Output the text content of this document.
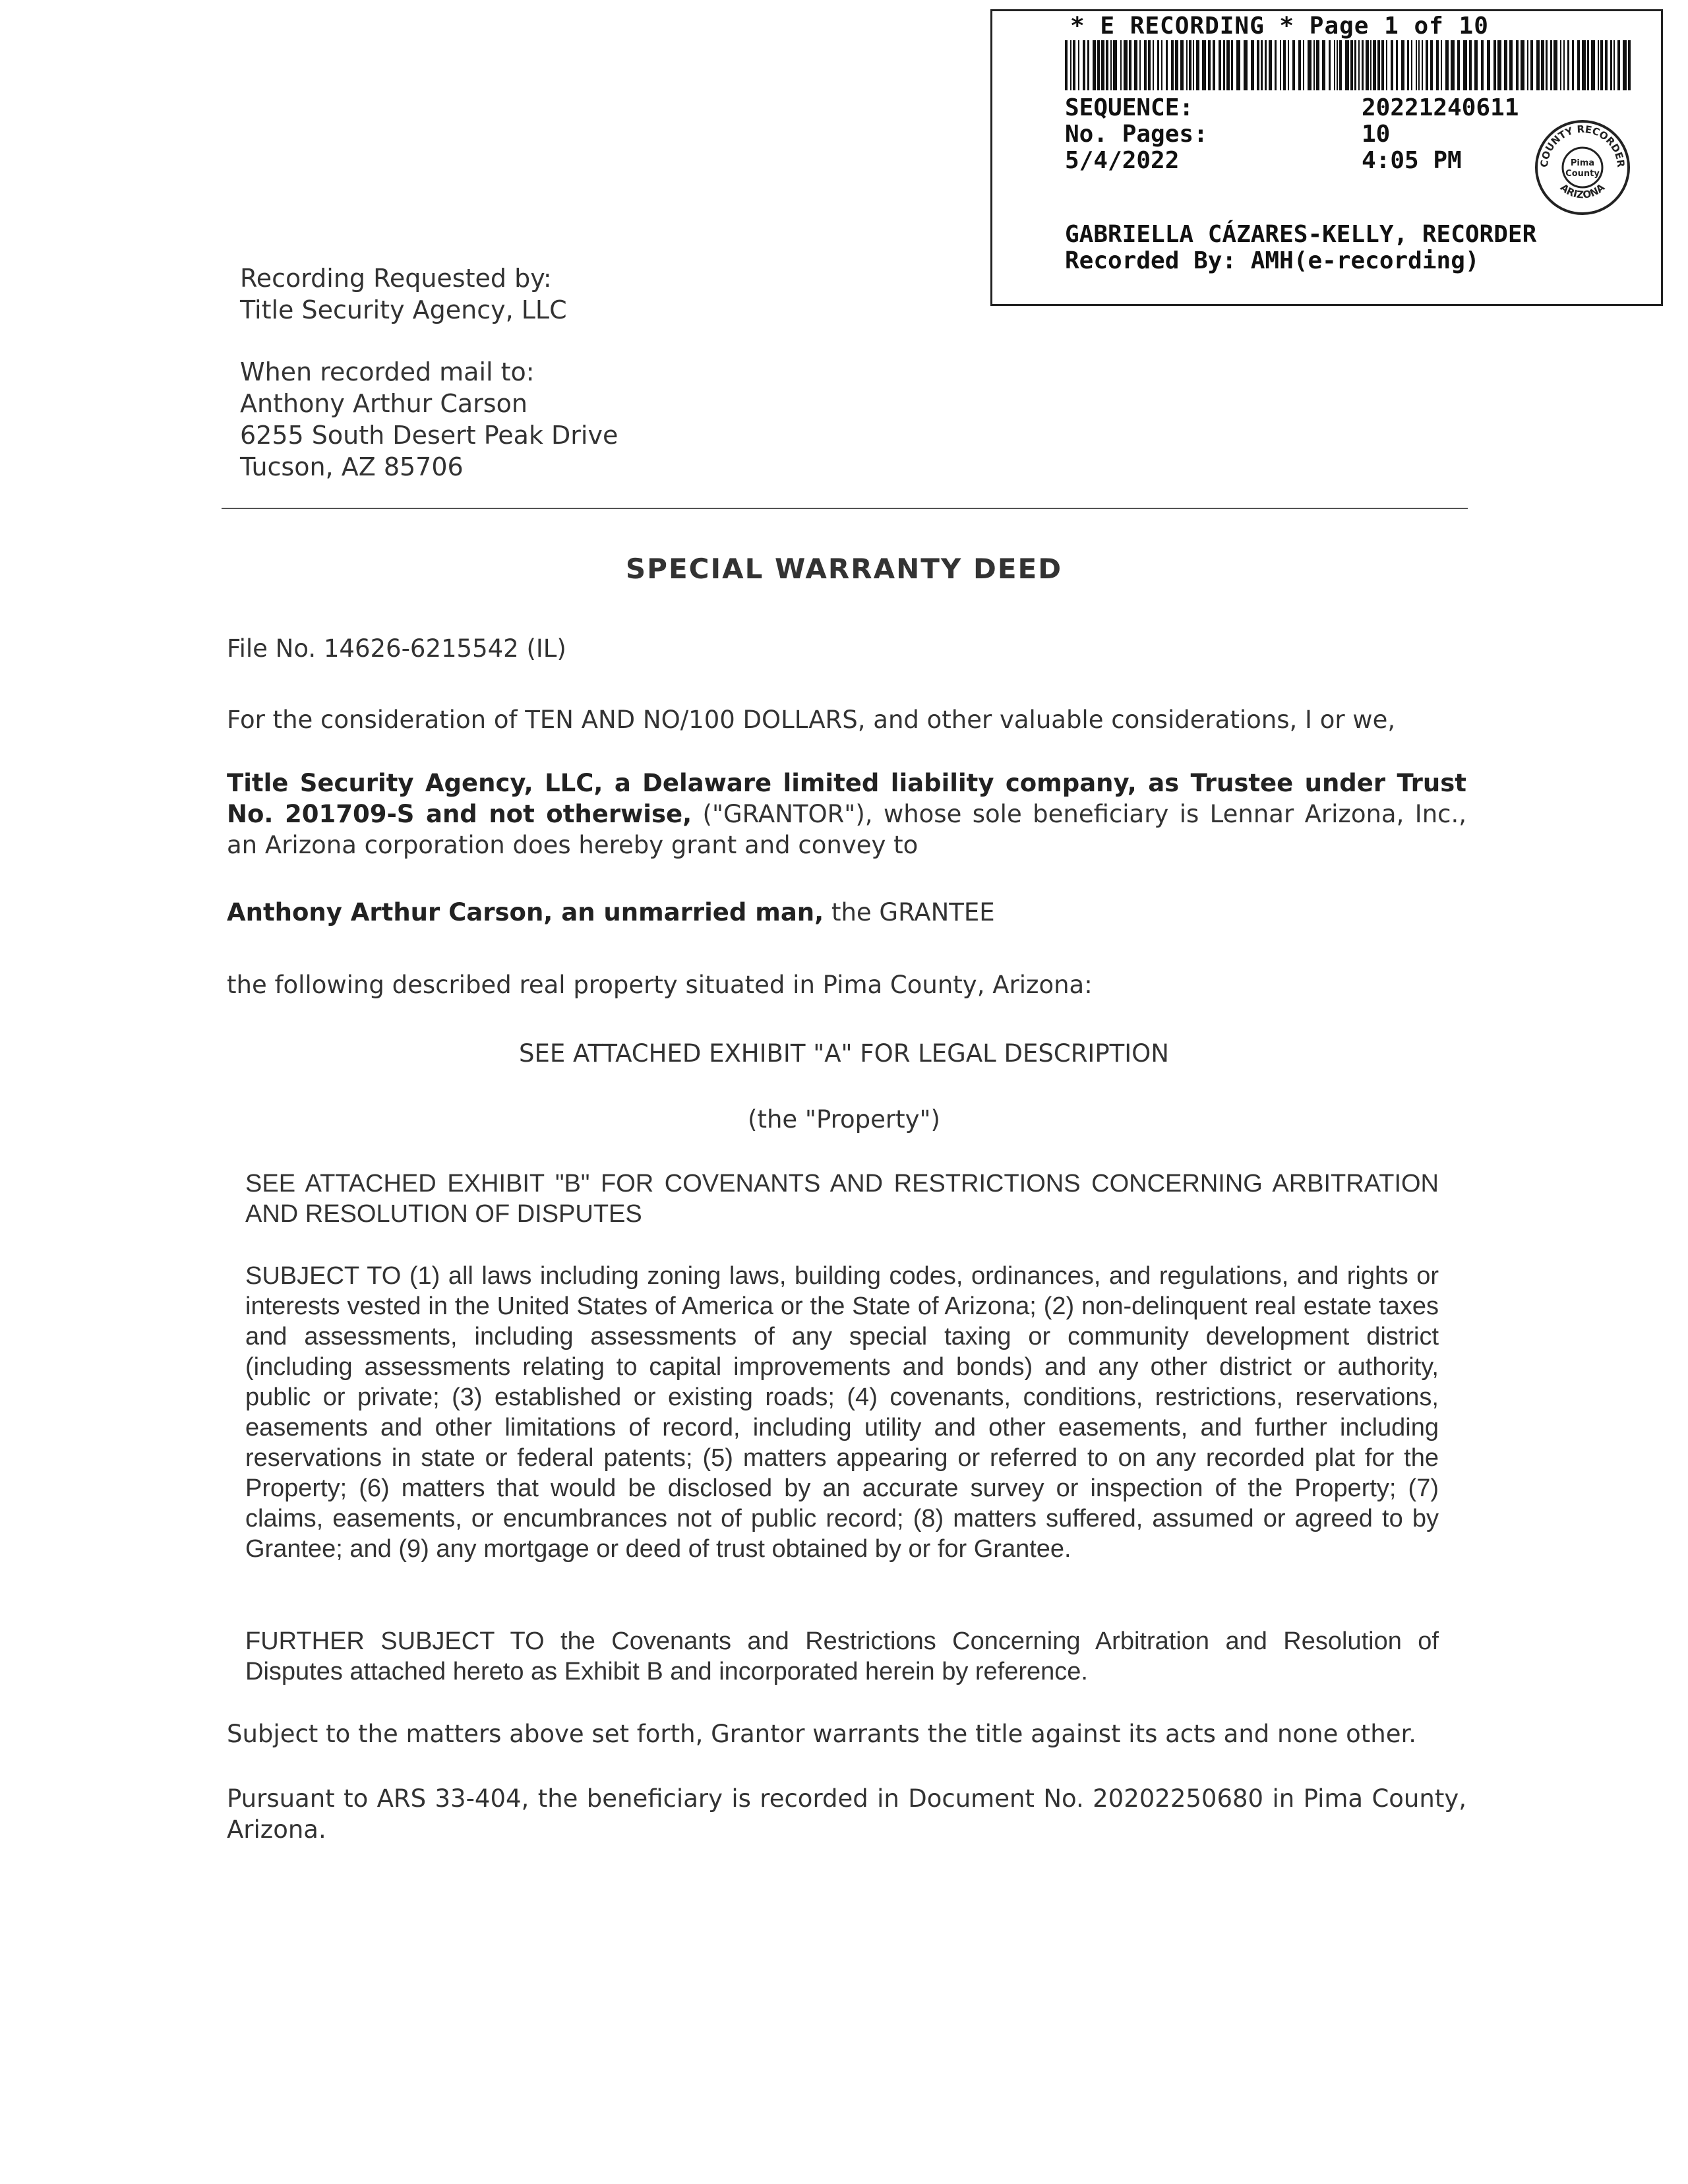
* E RECORDING * Page 1 of 10
SEQUENCE:	20221240611
No. Pages:	10
5/4/2022	4:05 PM	COUNTY RECORDER
ARIZONA
Pima
County
GABRIELLA CÁZARES-KELLY, RECORDER
Recorded By: AMH(e-recording)
Recording Requested by:
Title Security Agency, LLC
When recorded mail to:
Anthony Arthur Carson
6255 South Desert Peak Drive
Tucson, AZ 85706
SPECIAL WARRANTY DEED
File No. 14626-6215542 (IL)
For the consideration of TEN AND NO/100 DOLLARS, and other valuable considerations, I or we,
Title Security Agency, LLC, a Delaware limited liability company, as Trustee under Trust No. 201709-S and not otherwise, ("GRANTOR"), whose sole beneficiary is Lennar Arizona, Inc., an Arizona corporation does hereby grant and convey to
Anthony Arthur Carson, an unmarried man, the GRANTEE
the following described real property situated in Pima County, Arizona:
SEE ATTACHED EXHIBIT "A" FOR LEGAL DESCRIPTION
(the "Property")
SEE ATTACHED EXHIBIT "B" FOR COVENANTS AND RESTRICTIONS CONCERNING ARBITRATION AND RESOLUTION OF DISPUTES
SUBJECT TO (1) all laws including zoning laws, building codes, ordinances, and regulations, and rights or interests vested in the United States of America or the State of Arizona; (2) non-delinquent real estate taxes and assessments, including assessments of any special taxing or community development district (including assessments relating to capital improvements and bonds) and any other district or authority, public or private; (3) established or existing roads; (4) covenants, conditions, restrictions, reservations, easements and other limitations of record, including utility and other easements, and further including reservations in state or federal patents; (5) matters appearing or referred to on any recorded plat for the Property; (6) matters that would be disclosed by an accurate survey or inspection of the Property; (7) claims, easements, or encumbrances not of public record; (8) matters suffered, assumed or agreed to by Grantee; and (9) any mortgage or deed of trust obtained by or for Grantee.
FURTHER SUBJECT TO the Covenants and Restrictions Concerning Arbitration and Resolution of Disputes attached hereto as Exhibit B and incorporated herein by reference.
Subject to the matters above set forth, Grantor warrants the title against its acts and none other.
Pursuant to ARS 33-404, the beneficiary is recorded in Document No. 20202250680 in Pima County, Arizona.
